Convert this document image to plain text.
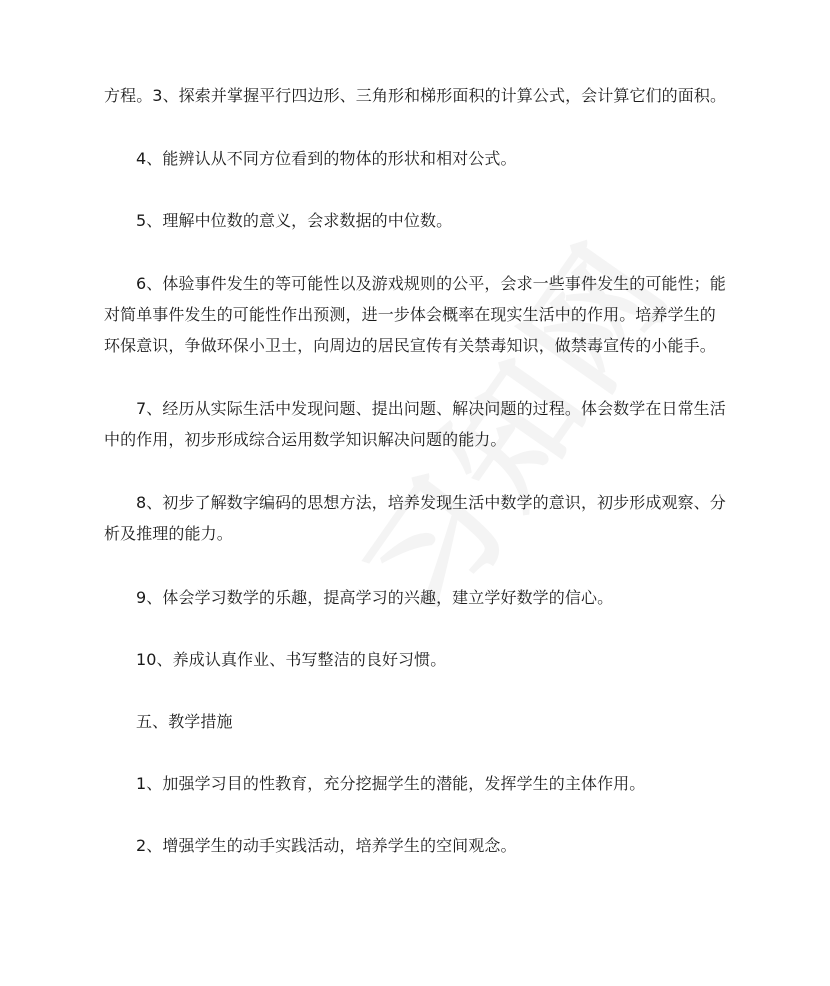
方程。3、探索并掌握平行四边形、三角形和梯形面积的计算公式，会计算它们的面积。

4、能辨认从不同方位看到的物体的形状和相对公式。

5、理解中位数的意义，会求数据的中位数。

6、体验事件发生的等可能性以及游戏规则的公平，会求一些事件发生的可能性；能对简单事件发生的可能性作出预测，进一步体会概率在现实生活中的作用。培养学生的环保意识，争做环保小卫士，向周边的居民宣传有关禁毒知识，做禁毒宣传的小能手。

7、经历从实际生活中发现问题、提出问题、解决问题的过程。体会数学在日常生活中的作用，初步形成综合运用数学知识解决问题的能力。

8、初步了解数字编码的思想方法，培养发现生活中数学的意识，初步形成观察、分析及推理的能力。

9、体会学习数学的乐趣，提高学习的兴趣，建立学好数学的信心。

10、养成认真作业、书写整洁的良好习惯。

五、教学措施

1、加强学习目的性教育，充分挖掘学生的潜能，发挥学生的主体作用。

2、增强学生的动手实践活动，培养学生的空间观念。
